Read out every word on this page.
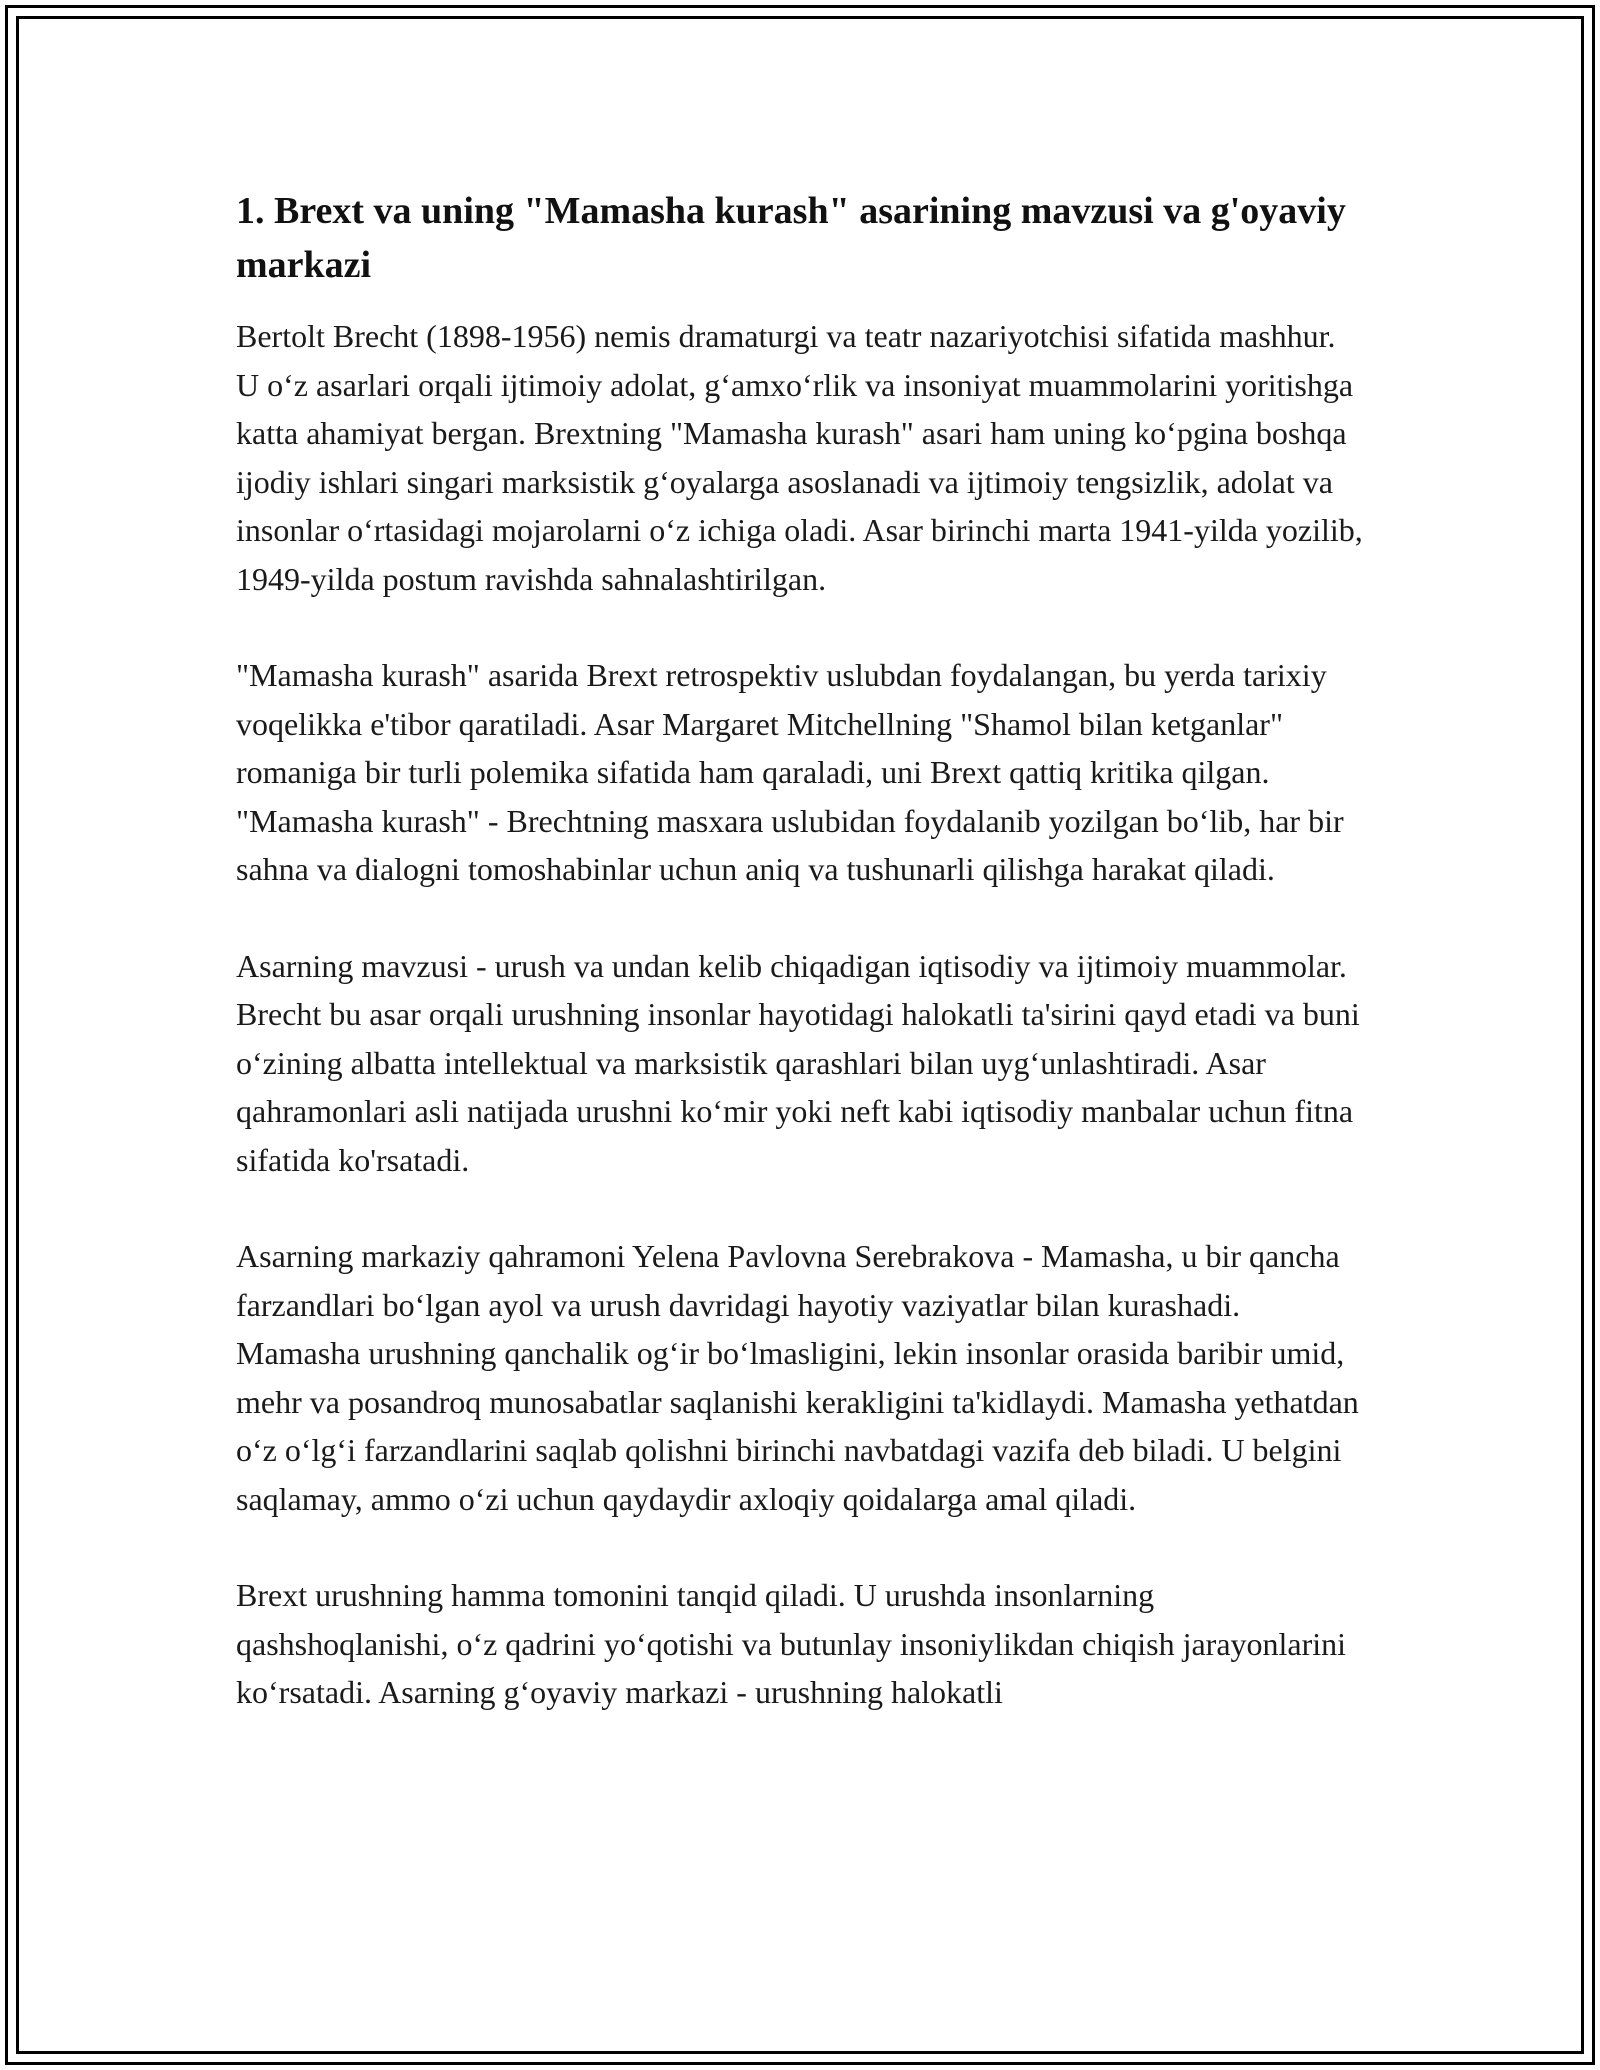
1. Brext va uning "Mamasha kurash" asarining mavzusi va g'oyaviy markazi

Bertolt Brecht (1898-1956) nemis dramaturgi va teatr nazariyotchisi sifatida mashhur. U o‘z asarlari orqali ijtimoiy adolat, g‘amxo‘rlik va insoniyat muammolarini yoritishga katta ahamiyat bergan. Brextning "Mamasha kurash" asari ham uning ko‘pgina boshqa ijodiy ishlari singari marksistik g‘oyalarga asoslanadi va ijtimoiy tengsizlik, adolat va insonlar o‘rtasidagi mojarolarni o‘z ichiga oladi. Asar birinchi marta 1941-yilda yozilib, 1949-yilda postum ravishda sahnalashtirilgan.

"Mamasha kurash" asarida Brext retrospektiv uslubdan foydalangan, bu yerda tarixiy voqelikka e'tibor qaratiladi. Asar Margaret Mitchellning "Shamol bilan ketganlar" romaniga bir turli polemika sifatida ham qaraladi, uni Brext qattiq kritika qilgan. "Mamasha kurash" - Brechtning masxara uslubidan foydalanib yozilgan bo‘lib, har bir sahna va dialogni tomoshabinlar uchun aniq va tushunarli qilishga harakat qiladi.

Asarning mavzusi - urush va undan kelib chiqadigan iqtisodiy va ijtimoiy muammolar. Brecht bu asar orqali urushning insonlar hayotidagi halokatli ta'sirini qayd etadi va buni o‘zining albatta intellektual va marksistik qarashlari bilan uyg‘unlashtiradi. Asar qahramonlari asli natijada urushni ko‘mir yoki neft kabi iqtisodiy manbalar uchun fitna sifatida ko'rsatadi.

Asarning markaziy qahramoni Yelena Pavlovna Serebrakova - Mamasha, u bir qancha farzandlari bo‘lgan ayol va urush davridagi hayotiy vaziyatlar bilan kurashadi. Mamasha urushning qanchalik og‘ir bo‘lmasligini, lekin insonlar orasida baribir umid, mehr va posandroq munosabatlar saqlanishi kerakligini ta'kidlaydi. Mamasha yethatdan o‘z o‘lg‘i farzandlarini saqlab qolishni birinchi navbatdagi vazifa deb biladi. U belgini saqlamay, ammo o‘zi uchun qaydaydir axloqiy qoidalarga amal qiladi.

Brext urushning hamma tomonini tanqid qiladi. U urushda insonlarning qashshoqlanishi, o‘z qadrini yo‘qotishi va butunlay insoniylikdan chiqish jarayonlarini ko‘rsatadi. Asarning g‘oyaviy markazi - urushning halokatli
